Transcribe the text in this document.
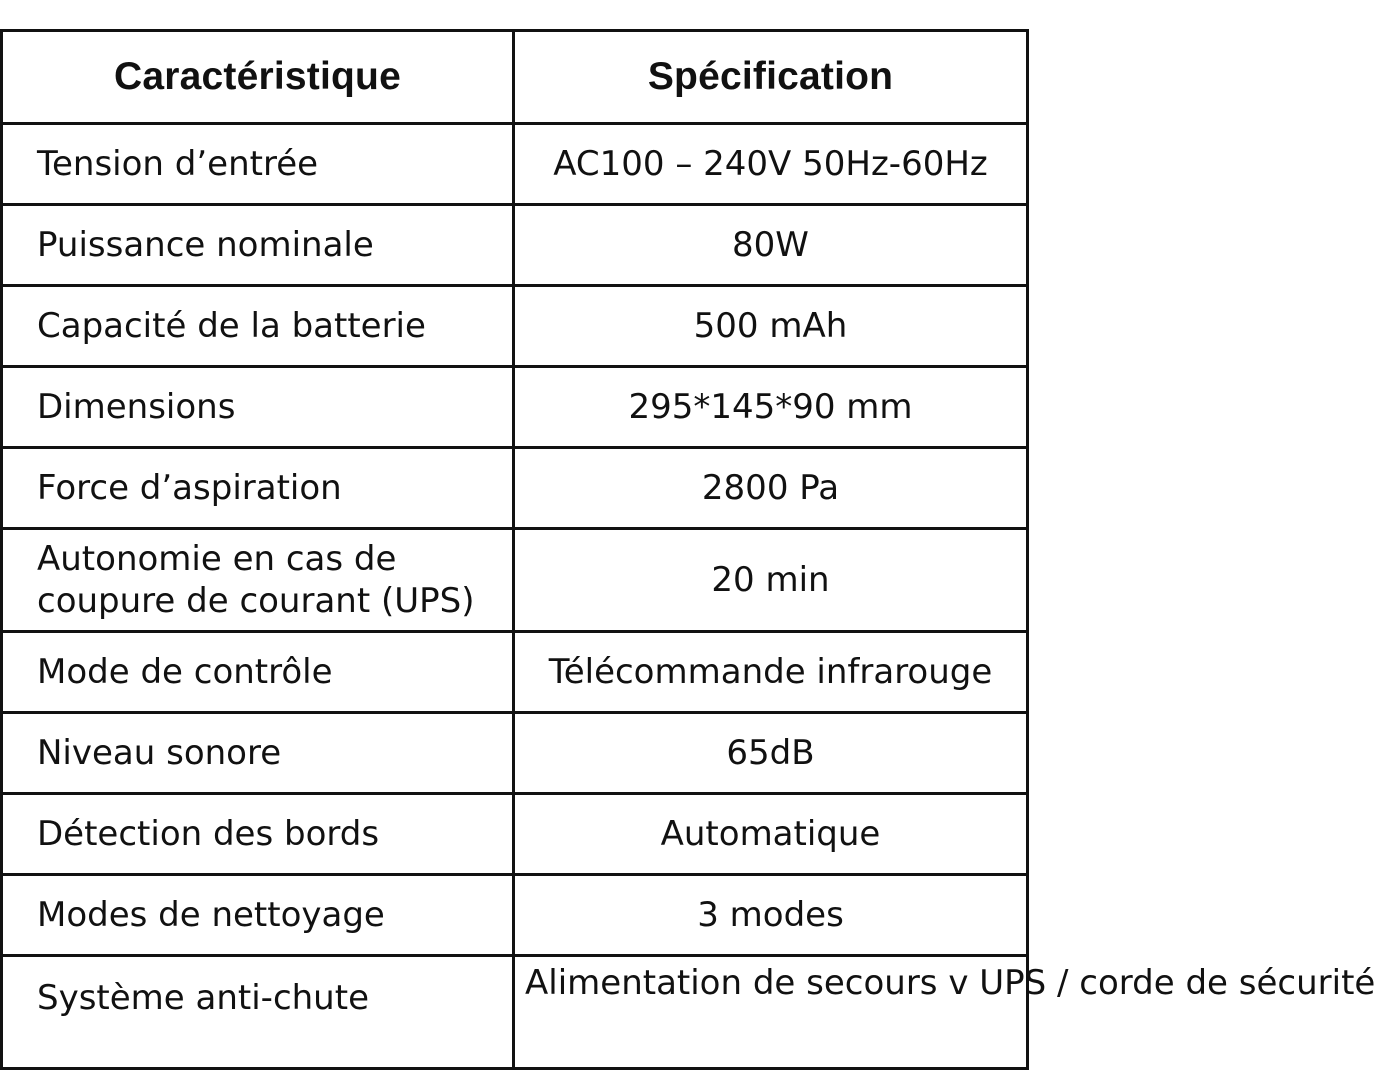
Caractéristique	Spécification
Tension d’entrée	AC100 – 240V 50Hz-60Hz
Puissance nominale	80W
Capacité de la batterie	500 mAh
Dimensions	295*145*90 mm
Force d’aspiration	2800 Pa
Autonomie en cas de
coupure de courant (UPS)	20 min
Mode de contrôle	Télécommande infrarouge
Niveau sonore	65dB
Détection des bords	Automatique
Modes de nettoyage	3 modes
Système anti-chute	Alimentation de secours v UPS / corde de sécurité
